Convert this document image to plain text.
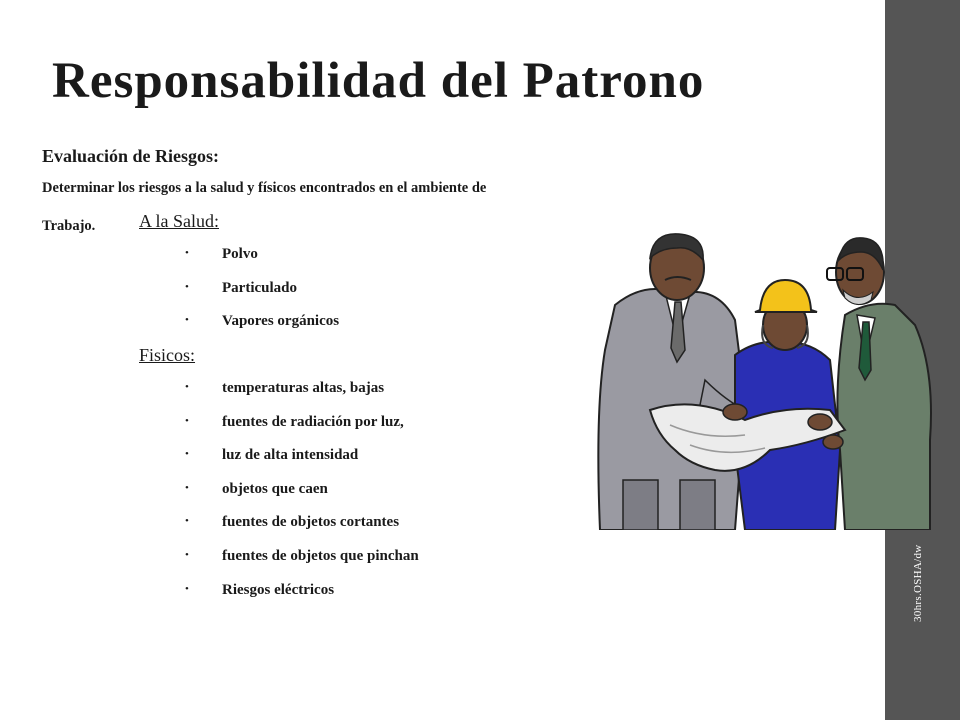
30hrs.OSHA/dw
Responsabilidad del Patrono
Evaluación de Riesgos:
Determinar los riesgos a la salud y físicos encontrados en el ambiente de
Trabajo. A la Salud:
• Polvo
• Particulado
• Vapores orgánicos
Fisicos:
• temperaturas altas, bajas
• fuentes de radiación por luz,
• luz de alta intensidad
• objetos que caen
• fuentes de objetos cortantes
• fuentes de objetos que pinchan
• Riesgos eléctricos
